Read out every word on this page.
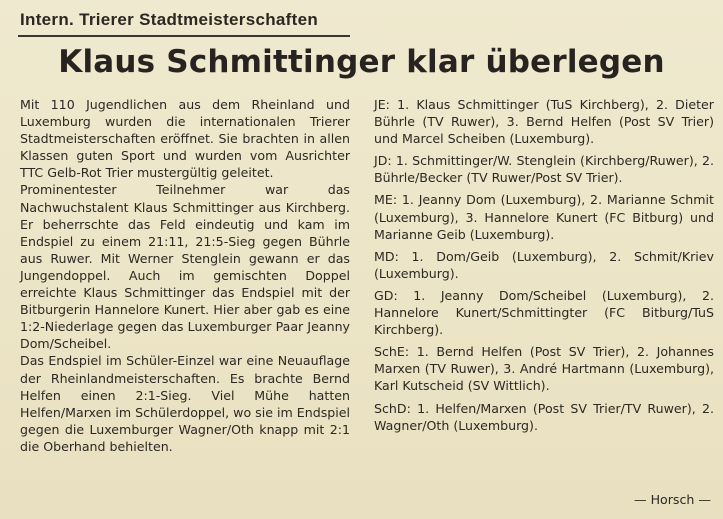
Intern. Trierer Stadtmeisterschaften
Klaus Schmittinger klar überlegen

Mit 110 Jugendlichen aus dem Rheinland und Luxemburg wurden die internationalen Trierer Stadtmeisterschaften eröffnet. Sie brachten in allen Klassen guten Sport und wurden vom Ausrichter TTC Gelb-Rot Trier mustergültig geleitet.

Prominentester Teilnehmer war das Nachwuchstalent Klaus Schmittinger aus Kirchberg. Er beherrschte das Feld eindeutig und kam im Endspiel zu einem 21:11, 21:5-Sieg gegen Bührle aus Ruwer. Mit Werner Stenglein gewann er das Jungendoppel. Auch im gemischten Doppel erreichte Klaus Schmittinger das Endspiel mit der Bitburgerin Hannelore Kunert. Hier aber gab es eine 1:2-Niederlage gegen das Luxemburger Paar Jeanny Dom/Scheibel.

Das Endspiel im Schüler-Einzel war eine Neuauflage der Rheinlandmeisterschaften. Es brachte Bernd Helfen einen 2:1-Sieg. Viel Mühe hatten Helfen/Marxen im Schülerdoppel, wo sie im Endspiel gegen die Luxemburger Wagner/Oth knapp mit 2:1 die Oberhand behielten.

JE: 1. Klaus Schmittinger (TuS Kirchberg), 2. Dieter Bührle (TV Ruwer), 3. Bernd Helfen (Post SV Trier) und Marcel Scheiben (Luxemburg).

JD: 1. Schmittinger/W. Stenglein (Kirchberg/Ruwer), 2. Bührle/Becker (TV Ruwer/Post SV Trier).

ME: 1. Jeanny Dom (Luxemburg), 2. Marianne Schmit (Luxemburg), 3. Hannelore Kunert (FC Bitburg) und Marianne Geib (Luxemburg).

MD: 1. Dom/Geib (Luxemburg), 2. Schmit/Kriev (Luxemburg).

GD: 1. Jeanny Dom/Scheibel (Luxemburg), 2. Hannelore Kunert/Schmittingter (FC Bitburg/TuS Kirchberg).

SchE: 1. Bernd Helfen (Post SV Trier), 2. Johannes Marxen (TV Ruwer), 3. André Hartmann (Luxemburg), Karl Kutscheid (SV Wittlich).

SchD: 1. Helfen/Marxen (Post SV Trier/TV Ruwer), 2. Wagner/Oth (Luxemburg).

— Horsch —
